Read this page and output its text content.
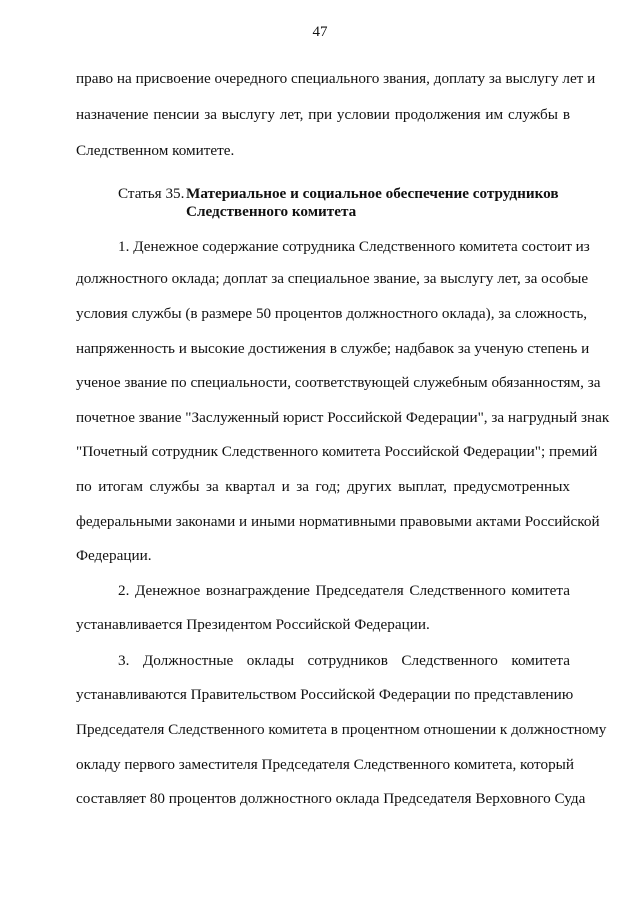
47
право на присвоение очередного специального звания, доплату за выслугу лет и
назначение пенсии за выслугу лет, при условии продолжения им службы в
Следственном комитете.
Статья 35. Материальное и социальное обеспечение сотрудников
Следственного комитета
1. Денежное содержание сотрудника Следственного комитета состоит из
должностного оклада; доплат за специальное звание, за выслугу лет, за особые
условия службы (в размере 50 процентов должностного оклада), за сложность,
напряженность и высокие достижения в службе; надбавок за ученую степень и
ученое звание по специальности, соответствующей служебным обязанностям, за
почетное звание "Заслуженный юрист Российской Федерации", за нагрудный знак
"Почетный сотрудник Следственного комитета Российской Федерации"; премий
по итогам службы за квартал и за год; других выплат, предусмотренных
федеральными законами и иными нормативными правовыми актами Российской
Федерации.
2. Денежное вознаграждение Председателя Следственного комитета
устанавливается Президентом Российской Федерации.
3. Должностные оклады сотрудников Следственного комитета
устанавливаются Правительством Российской Федерации по представлению
Председателя Следственного комитета в процентном отношении к должностному
окладу первого заместителя Председателя Следственного комитета, который
составляет 80 процентов должностного оклада Председателя Верховного Суда
